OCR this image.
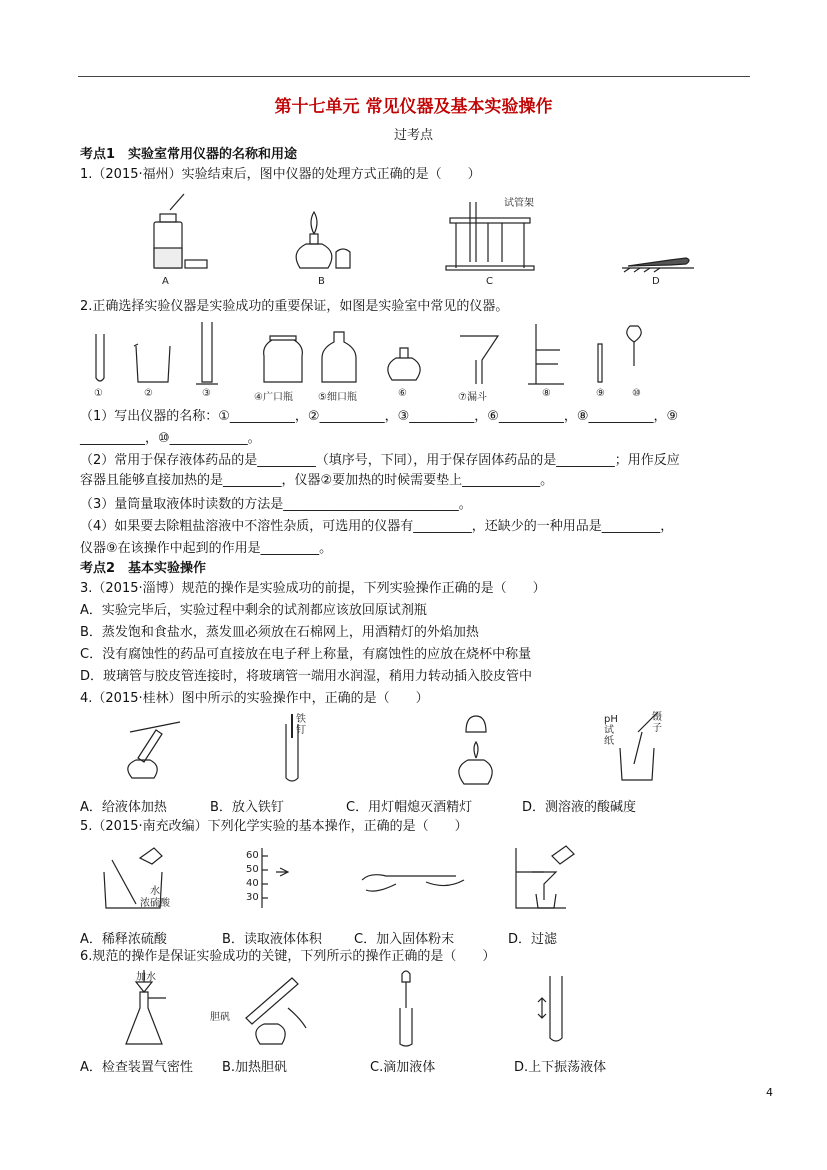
第十七单元 常见仪器及基本实验操作
过考点
考点1　实验室常用仪器的名称和用途
1.（2015·福州）实验结束后，图中仪器的处理方式正确的是（　　）
试管架
A	B	C	D
2.正确选择实验仪器是实验成功的重要保证，如图是实验室中常见的仪器。
①	②	③	④广口瓶	⑤细口瓶	⑥	⑦漏斗	⑧	⑨	⑩
（1）写出仪器的名称：①__________，②__________，③__________，⑥__________，⑧__________，⑨
__________，⑩____________。
（2）常用于保存液体药品的是_________（填序号，下同），用于保存固体药品的是_________；用作反应
容器且能够直接加热的是_________，仪器②要加热的时候需要垫上____________。
（3）量筒量取液体时读数的方法是___________________________。
（4）如果要去除粗盐溶液中不溶性杂质，可选用的仪器有_________，还缺少的一种用品是_________，
仪器⑨在该操作中起到的作用是_________。
考点2　基本实验操作
3.（2015·淄博）规范的操作是实验成功的前提，下列实验操作正确的是（　　）
A．实验完毕后，实验过程中剩余的试剂都应该放回原试剂瓶
B．蒸发饱和食盐水，蒸发皿必须放在石棉网上，用酒精灯的外焰加热
C．没有腐蚀性的药品可直接放在电子秤上称量，有腐蚀性的应放在烧杯中称量
D．玻璃管与胶皮管连接时，将玻璃管一端用水润湿，稍用力转动插入胶皮管中
4.（2015·桂林）图中所示的实验操作中，正确的是（　　）
铁钉
pH试纸
镊子
A．给液体加热	B．放入铁钉	C．用灯帽熄灭酒精灯	D．测溶液的酸碱度
5.（2015·南充改编）下列化学实验的基本操作，正确的是（　　）
水
浓硫酸
60
50
40
30
A．稀释浓硫酸	B．读取液体体积 C．加入固体粉末	D．过滤
6.规范的操作是保证实验成功的关键，下列所示的操作正确的是（　　）
加水
胆矾
A．检查装置气密性 B.加热胆矾	C.滴加液体	D.上下振荡液体
4
